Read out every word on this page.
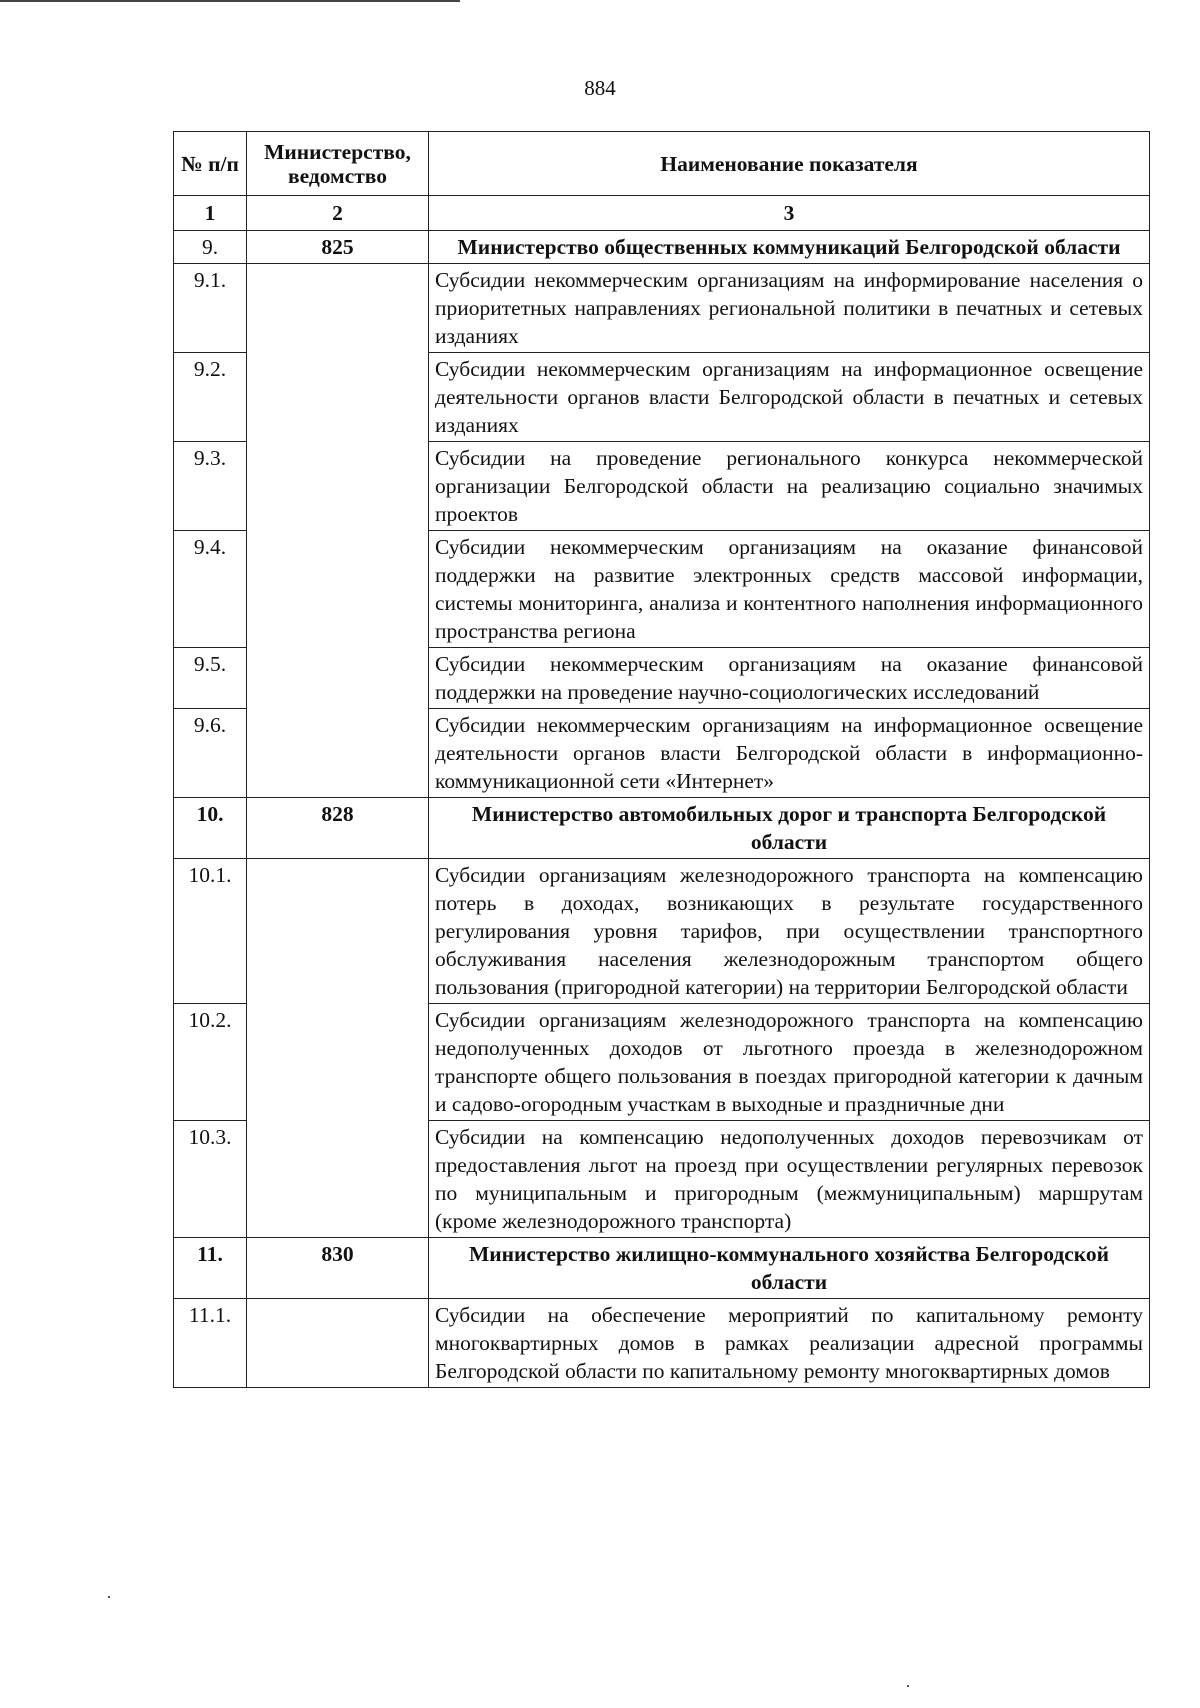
884
№ п/п	Министерство, ведомство	Наименование показателя
1	2	3
9.	825	Министерство общественных коммуникаций Белгородской области
9.1.		Субсидии некоммерческим организациям на информирование населения о приоритетных направлениях региональной политики в печатных и сетевых изданиях
9.2.		Субсидии некоммерческим организациям на информационное освещение деятельности органов власти Белгородской области в печатных и сетевых изданиях
9.3.		Субсидии на проведение регионального конкурса некоммерческой организации Белгородской области на реализацию социально значимых проектов
9.4.		Субсидии некоммерческим организациям на оказание финансовой поддержки на развитие электронных средств массовой информации, системы мониторинга, анализа и контентного наполнения информационного пространства региона
9.5.		Субсидии некоммерческим организациям на оказание финансовой поддержки на проведение научно-социологических исследований
9.6.		Субсидии некоммерческим организациям на информационное освещение деятельности органов власти Белгородской области в информационно-коммуникационной сети «Интернет»
10.	828	Министерство автомобильных дорог и транспорта Белгородской области
10.1.		Субсидии организациям железнодорожного транспорта на компенсацию потерь в доходах, возникающих в результате государственного регулирования уровня тарифов, при осуществлении транспортного обслуживания населения железнодорожным транспортом общего пользования (пригородной категории) на территории Белгородской области
10.2.		Субсидии организациям железнодорожного транспорта на компенсацию недополученных доходов от льготного проезда в железнодорожном транспорте общего пользования в поездах пригородной категории к дачным и садово-огородным участкам в выходные и праздничные дни
10.3.		Субсидии на компенсацию недополученных доходов перевозчикам от предоставления льгот на проезд при осуществлении регулярных перевозок по муниципальным и пригородным (межмуниципальным) маршрутам (кроме железнодорожного транспорта)
11.	830	Министерство жилищно-коммунального хозяйства Белгородской области
11.1.		Субсидии на обеспечение мероприятий по капитальному ремонту многоквартирных домов в рамках реализации адресной программы Белгородской области по капитальному ремонту многоквартирных домов
